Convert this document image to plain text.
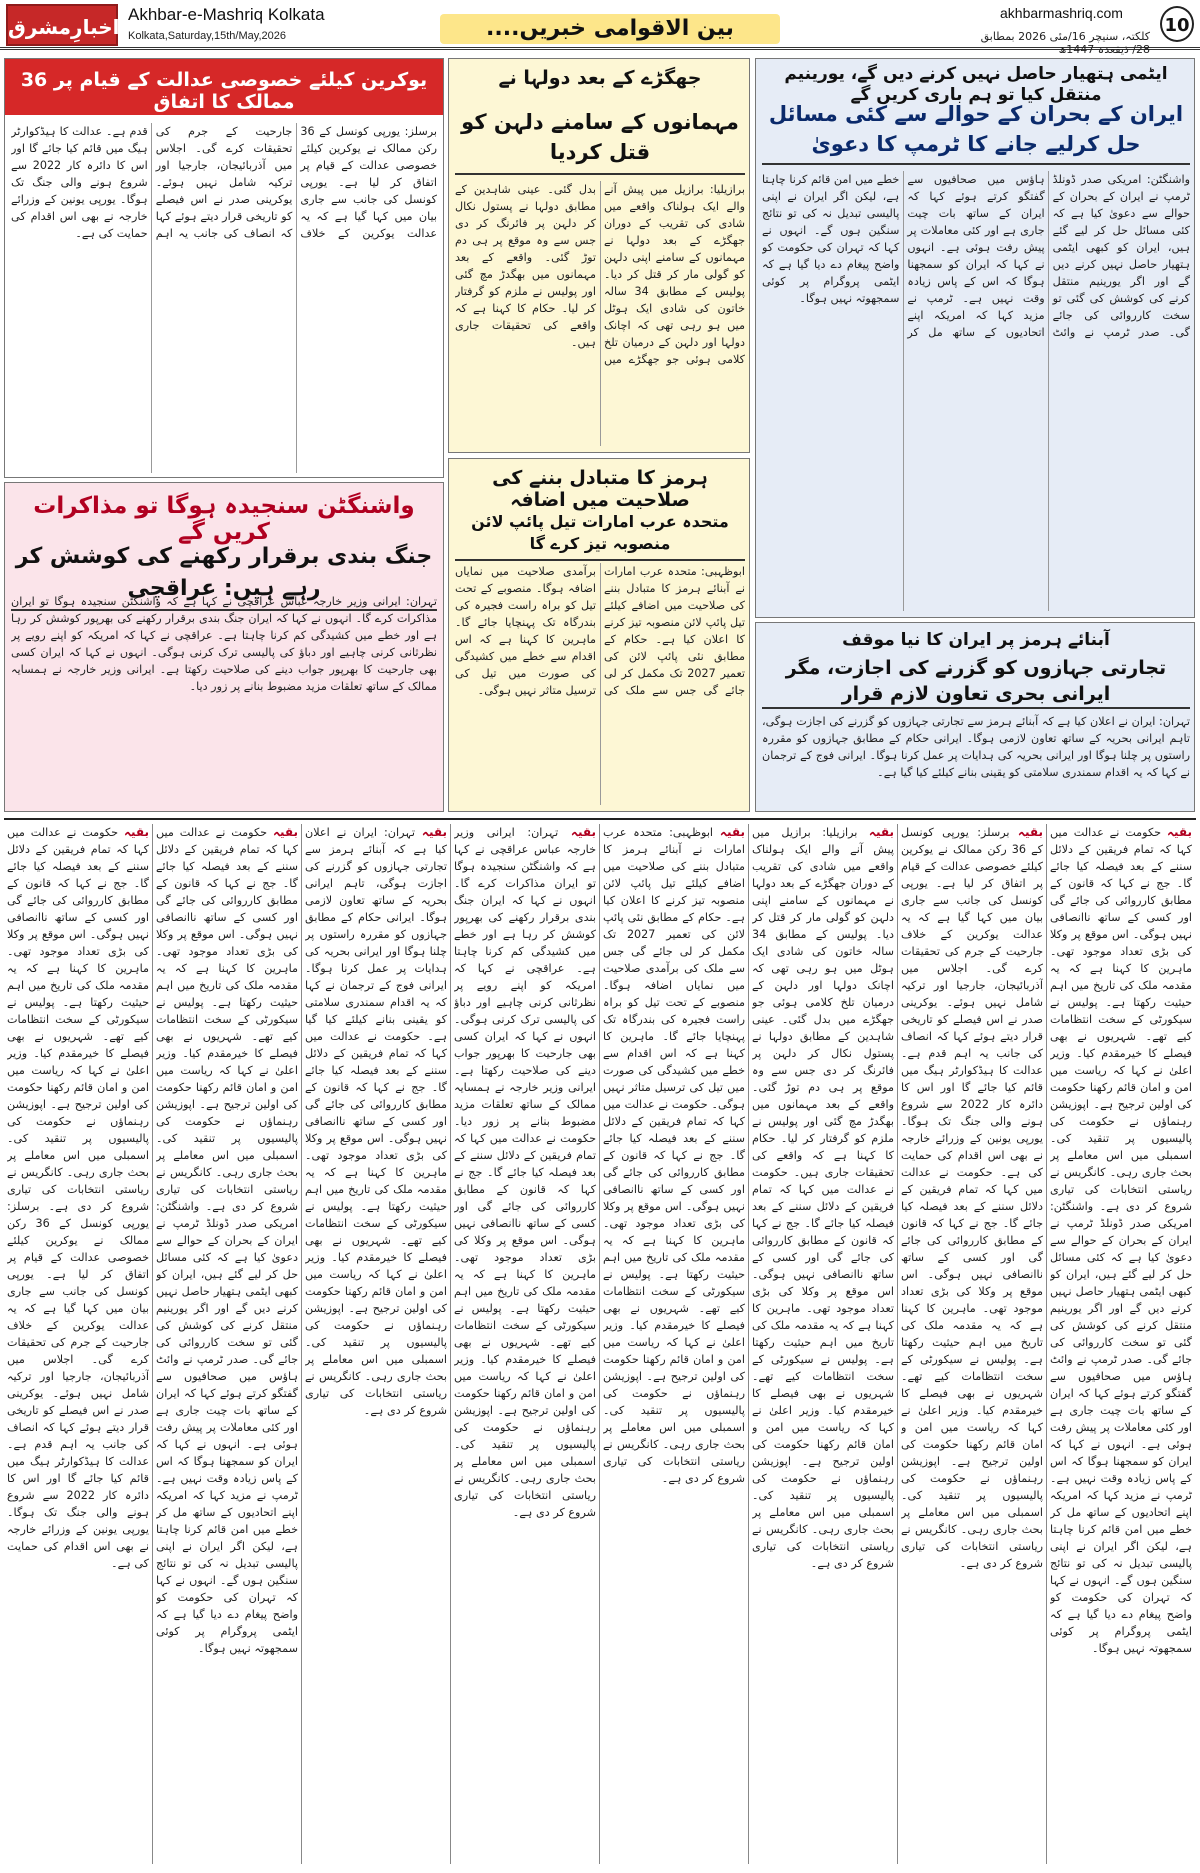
اخبارِمشرق
Akhbar-e-Mashriq Kolkata
Kolkata,Saturday,15th/May,2026	بین الاقوامی خبریں....
akhbarmashriq.com
کلکتہ، سنیچر 16/مئی 2026 بمطابق 28/ ذیقعدہ 1447ھ
10
ایٹمی ہتھیار حاصل نہیں کرنے دیں گے، یورینیم منتقل کیا تو ہم باری کریں گے
ایران کے بحران کے حوالے سے کئی مسائل حل کرلیے جانے کا ٹرمپ کا دعویٰ
واشنگٹن: امریکی صدر ڈونلڈ ٹرمپ نے ایران کے بحران کے حوالے سے دعویٰ کیا ہے کہ کئی مسائل حل کر لیے گئے ہیں، ایران کو کبھی ایٹمی ہتھیار حاصل نہیں کرنے دیں گے اور اگر یورینیم منتقل کرنے کی کوشش کی گئی تو سخت کارروائی کی جائے گی۔ صدر ٹرمپ نے وائٹ ہاؤس میں صحافیوں سے گفتگو کرتے ہوئے کہا کہ ایران کے ساتھ بات چیت جاری ہے اور کئی معاملات پر پیش رفت ہوئی ہے۔ انہوں نے کہا کہ ایران کو سمجھنا ہوگا کہ اس کے پاس زیادہ وقت نہیں ہے۔ ٹرمپ نے مزید کہا کہ امریکہ اپنے اتحادیوں کے ساتھ مل کر خطے میں امن قائم کرنا چاہتا ہے، لیکن اگر ایران نے اپنی پالیسی تبدیل نہ کی تو نتائج سنگین ہوں گے۔ انہوں نے کہا کہ تہران کی حکومت کو واضح پیغام دے دیا گیا ہے کہ ایٹمی پروگرام پر کوئی سمجھوتہ نہیں ہوگا۔
آبنائے ہرمز پر ایران کا نیا موقف
تجارتی جہازوں کو گزرنے کی اجازت، مگر ایرانی بحری تعاون لازم قرار
تہران: ایران نے اعلان کیا ہے کہ آبنائے ہرمز سے تجارتی جہازوں کو گزرنے کی اجازت ہوگی، تاہم ایرانی بحریہ کے ساتھ تعاون لازمی ہوگا۔ ایرانی حکام کے مطابق جہازوں کو مقررہ راستوں پر چلنا ہوگا اور ایرانی بحریہ کی ہدایات پر عمل کرنا ہوگا۔ ایرانی فوج کے ترجمان نے کہا کہ یہ اقدام سمندری سلامتی کو یقینی بنانے کیلئے کیا گیا ہے۔
جھگڑے کے بعد دولہا نے
مہمانوں کے سامنے دلہن کو قتل کردیا
برازیلیا: برازیل میں پیش آنے والے ایک ہولناک واقعے میں شادی کی تقریب کے دوران جھگڑے کے بعد دولہا نے مہمانوں کے سامنے اپنی دلہن کو گولی مار کر قتل کر دیا۔ پولیس کے مطابق 34 سالہ خاتون کی شادی ایک ہوٹل میں ہو رہی تھی کہ اچانک دولہا اور دلہن کے درمیان تلخ کلامی ہوئی جو جھگڑے میں بدل گئی۔ عینی شاہدین کے مطابق دولہا نے پستول نکال کر دلہن پر فائرنگ کر دی جس سے وہ موقع پر ہی دم توڑ گئی۔ واقعے کے بعد مہمانوں میں بھگدڑ مچ گئی اور پولیس نے ملزم کو گرفتار کر لیا۔ حکام کا کہنا ہے کہ واقعے کی تحقیقات جاری ہیں۔
ہرمز کا متبادل بننے کی صلاحیت میں اضافہ
متحدہ عرب امارات تیل پائپ لائن منصوبہ تیز کرے گا
ابوظہبی: متحدہ عرب امارات نے آبنائے ہرمز کا متبادل بننے کی صلاحیت میں اضافے کیلئے تیل پائپ لائن منصوبہ تیز کرنے کا اعلان کیا ہے۔ حکام کے مطابق نئی پائپ لائن کی تعمیر 2027 تک مکمل کر لی جائے گی جس سے ملک کی برآمدی صلاحیت میں نمایاں اضافہ ہوگا۔ منصوبے کے تحت تیل کو براہ راست فجیرہ کی بندرگاہ تک پہنچایا جائے گا۔ ماہرین کا کہنا ہے کہ اس اقدام سے خطے میں کشیدگی کی صورت میں تیل کی ترسیل متاثر نہیں ہوگی۔
یوکرین کیلئے خصوصی عدالت کے قیام پر 36 ممالک کا اتفاق
برسلز: یورپی کونسل کے 36 رکن ممالک نے یوکرین کیلئے خصوصی عدالت کے قیام پر اتفاق کر لیا ہے۔ یورپی کونسل کی جانب سے جاری بیان میں کہا گیا ہے کہ یہ عدالت یوکرین کے خلاف جارحیت کے جرم کی تحقیقات کرے گی۔ اجلاس میں آذربائیجان، جارجیا اور ترکیہ شامل نہیں ہوئے۔ یوکرینی صدر نے اس فیصلے کو تاریخی قرار دیتے ہوئے کہا کہ انصاف کی جانب یہ اہم قدم ہے۔ عدالت کا ہیڈکوارٹر ہیگ میں قائم کیا جائے گا اور اس کا دائرہ کار 2022 سے شروع ہونے والی جنگ تک ہوگا۔ یورپی یونین کے وزرائے خارجہ نے بھی اس اقدام کی حمایت کی ہے۔
واشنگٹن سنجیدہ ہوگا تو مذاکرات کریں گے
جنگ بندی برقرار رکھنے کی کوشش کر رہے ہیں: عراقچی
تہران: ایرانی وزیر خارجہ عباس عراقچی نے کہا ہے کہ واشنگٹن سنجیدہ ہوگا تو ایران مذاکرات کرے گا۔ انہوں نے کہا کہ ایران جنگ بندی برقرار رکھنے کی بھرپور کوشش کر رہا ہے اور خطے میں کشیدگی کم کرنا چاہتا ہے۔ عراقچی نے کہا کہ امریکہ کو اپنے رویے پر نظرثانی کرنی چاہیے اور دباؤ کی پالیسی ترک کرنی ہوگی۔ انہوں نے کہا کہ ایران کسی بھی جارحیت کا بھرپور جواب دینے کی صلاحیت رکھتا ہے۔ ایرانی وزیر خارجہ نے ہمسایہ ممالک کے ساتھ تعلقات مزید مضبوط بنانے پر زور دیا۔
بقیہ حکومت نے عدالت میں کہا کہ تمام فریقین کے دلائل سننے کے بعد فیصلہ کیا جائے گا۔ جج نے کہا کہ قانون کے مطابق کارروائی کی جائے گی اور کسی کے ساتھ ناانصافی نہیں ہوگی۔ اس موقع پر وکلا کی بڑی تعداد موجود تھی۔ ماہرین کا کہنا ہے کہ یہ مقدمہ ملک کی تاریخ میں اہم حیثیت رکھتا ہے۔ پولیس نے سیکورٹی کے سخت انتظامات کیے تھے۔ شہریوں نے بھی فیصلے کا خیرمقدم کیا۔ وزیر اعلیٰ نے کہا کہ ریاست میں امن و امان قائم رکھنا حکومت کی اولین ترجیح ہے۔ اپوزیشن رہنماؤں نے حکومت کی پالیسیوں پر تنقید کی۔ اسمبلی میں اس معاملے پر بحث جاری رہی۔ کانگریس نے ریاستی انتخابات کی تیاری شروع کر دی ہے۔ واشنگٹن: امریکی صدر ڈونلڈ ٹرمپ نے ایران کے بحران کے حوالے سے دعویٰ کیا ہے کہ کئی مسائل حل کر لیے گئے ہیں، ایران کو کبھی ایٹمی ہتھیار حاصل نہیں کرنے دیں گے اور اگر یورینیم منتقل کرنے کی کوشش کی گئی تو سخت کارروائی کی جائے گی۔ صدر ٹرمپ نے وائٹ ہاؤس میں صحافیوں سے گفتگو کرتے ہوئے کہا کہ ایران کے ساتھ بات چیت جاری ہے اور کئی معاملات پر پیش رفت ہوئی ہے۔ انہوں نے کہا کہ ایران کو سمجھنا ہوگا کہ اس کے پاس زیادہ وقت نہیں ہے۔ ٹرمپ نے مزید کہا کہ امریکہ اپنے اتحادیوں کے ساتھ مل کر خطے میں امن قائم کرنا چاہتا ہے، لیکن اگر ایران نے اپنی پالیسی تبدیل نہ کی تو نتائج سنگین ہوں گے۔ انہوں نے کہا کہ تہران کی حکومت کو واضح پیغام دے دیا گیا ہے کہ ایٹمی پروگرام پر کوئی سمجھوتہ نہیں ہوگا۔
بقیہ برسلز: یورپی کونسل کے 36 رکن ممالک نے یوکرین کیلئے خصوصی عدالت کے قیام پر اتفاق کر لیا ہے۔ یورپی کونسل کی جانب سے جاری بیان میں کہا گیا ہے کہ یہ عدالت یوکرین کے خلاف جارحیت کے جرم کی تحقیقات کرے گی۔ اجلاس میں آذربائیجان، جارجیا اور ترکیہ شامل نہیں ہوئے۔ یوکرینی صدر نے اس فیصلے کو تاریخی قرار دیتے ہوئے کہا کہ انصاف کی جانب یہ اہم قدم ہے۔ عدالت کا ہیڈکوارٹر ہیگ میں قائم کیا جائے گا اور اس کا دائرہ کار 2022 سے شروع ہونے والی جنگ تک ہوگا۔ یورپی یونین کے وزرائے خارجہ نے بھی اس اقدام کی حمایت کی ہے۔ حکومت نے عدالت میں کہا کہ تمام فریقین کے دلائل سننے کے بعد فیصلہ کیا جائے گا۔ جج نے کہا کہ قانون کے مطابق کارروائی کی جائے گی اور کسی کے ساتھ ناانصافی نہیں ہوگی۔ اس موقع پر وکلا کی بڑی تعداد موجود تھی۔ ماہرین کا کہنا ہے کہ یہ مقدمہ ملک کی تاریخ میں اہم حیثیت رکھتا ہے۔ پولیس نے سیکورٹی کے سخت انتظامات کیے تھے۔ شہریوں نے بھی فیصلے کا خیرمقدم کیا۔ وزیر اعلیٰ نے کہا کہ ریاست میں امن و امان قائم رکھنا حکومت کی اولین ترجیح ہے۔ اپوزیشن رہنماؤں نے حکومت کی پالیسیوں پر تنقید کی۔ اسمبلی میں اس معاملے پر بحث جاری رہی۔ کانگریس نے ریاستی انتخابات کی تیاری شروع کر دی ہے۔
بقیہ برازیلیا: برازیل میں پیش آنے والے ایک ہولناک واقعے میں شادی کی تقریب کے دوران جھگڑے کے بعد دولہا نے مہمانوں کے سامنے اپنی دلہن کو گولی مار کر قتل کر دیا۔ پولیس کے مطابق 34 سالہ خاتون کی شادی ایک ہوٹل میں ہو رہی تھی کہ اچانک دولہا اور دلہن کے درمیان تلخ کلامی ہوئی جو جھگڑے میں بدل گئی۔ عینی شاہدین کے مطابق دولہا نے پستول نکال کر دلہن پر فائرنگ کر دی جس سے وہ موقع پر ہی دم توڑ گئی۔ واقعے کے بعد مہمانوں میں بھگدڑ مچ گئی اور پولیس نے ملزم کو گرفتار کر لیا۔ حکام کا کہنا ہے کہ واقعے کی تحقیقات جاری ہیں۔ حکومت نے عدالت میں کہا کہ تمام فریقین کے دلائل سننے کے بعد فیصلہ کیا جائے گا۔ جج نے کہا کہ قانون کے مطابق کارروائی کی جائے گی اور کسی کے ساتھ ناانصافی نہیں ہوگی۔ اس موقع پر وکلا کی بڑی تعداد موجود تھی۔ ماہرین کا کہنا ہے کہ یہ مقدمہ ملک کی تاریخ میں اہم حیثیت رکھتا ہے۔ پولیس نے سیکورٹی کے سخت انتظامات کیے تھے۔ شہریوں نے بھی فیصلے کا خیرمقدم کیا۔ وزیر اعلیٰ نے کہا کہ ریاست میں امن و امان قائم رکھنا حکومت کی اولین ترجیح ہے۔ اپوزیشن رہنماؤں نے حکومت کی پالیسیوں پر تنقید کی۔ اسمبلی میں اس معاملے پر بحث جاری رہی۔ کانگریس نے ریاستی انتخابات کی تیاری شروع کر دی ہے۔
بقیہ ابوظہبی: متحدہ عرب امارات نے آبنائے ہرمز کا متبادل بننے کی صلاحیت میں اضافے کیلئے تیل پائپ لائن منصوبہ تیز کرنے کا اعلان کیا ہے۔ حکام کے مطابق نئی پائپ لائن کی تعمیر 2027 تک مکمل کر لی جائے گی جس سے ملک کی برآمدی صلاحیت میں نمایاں اضافہ ہوگا۔ منصوبے کے تحت تیل کو براہ راست فجیرہ کی بندرگاہ تک پہنچایا جائے گا۔ ماہرین کا کہنا ہے کہ اس اقدام سے خطے میں کشیدگی کی صورت میں تیل کی ترسیل متاثر نہیں ہوگی۔ حکومت نے عدالت میں کہا کہ تمام فریقین کے دلائل سننے کے بعد فیصلہ کیا جائے گا۔ جج نے کہا کہ قانون کے مطابق کارروائی کی جائے گی اور کسی کے ساتھ ناانصافی نہیں ہوگی۔ اس موقع پر وکلا کی بڑی تعداد موجود تھی۔ ماہرین کا کہنا ہے کہ یہ مقدمہ ملک کی تاریخ میں اہم حیثیت رکھتا ہے۔ پولیس نے سیکورٹی کے سخت انتظامات کیے تھے۔ شہریوں نے بھی فیصلے کا خیرمقدم کیا۔ وزیر اعلیٰ نے کہا کہ ریاست میں امن و امان قائم رکھنا حکومت کی اولین ترجیح ہے۔ اپوزیشن رہنماؤں نے حکومت کی پالیسیوں پر تنقید کی۔ اسمبلی میں اس معاملے پر بحث جاری رہی۔ کانگریس نے ریاستی انتخابات کی تیاری شروع کر دی ہے۔
بقیہ تہران: ایرانی وزیر خارجہ عباس عراقچی نے کہا ہے کہ واشنگٹن سنجیدہ ہوگا تو ایران مذاکرات کرے گا۔ انہوں نے کہا کہ ایران جنگ بندی برقرار رکھنے کی بھرپور کوشش کر رہا ہے اور خطے میں کشیدگی کم کرنا چاہتا ہے۔ عراقچی نے کہا کہ امریکہ کو اپنے رویے پر نظرثانی کرنی چاہیے اور دباؤ کی پالیسی ترک کرنی ہوگی۔ انہوں نے کہا کہ ایران کسی بھی جارحیت کا بھرپور جواب دینے کی صلاحیت رکھتا ہے۔ ایرانی وزیر خارجہ نے ہمسایہ ممالک کے ساتھ تعلقات مزید مضبوط بنانے پر زور دیا۔ حکومت نے عدالت میں کہا کہ تمام فریقین کے دلائل سننے کے بعد فیصلہ کیا جائے گا۔ جج نے کہا کہ قانون کے مطابق کارروائی کی جائے گی اور کسی کے ساتھ ناانصافی نہیں ہوگی۔ اس موقع پر وکلا کی بڑی تعداد موجود تھی۔ ماہرین کا کہنا ہے کہ یہ مقدمہ ملک کی تاریخ میں اہم حیثیت رکھتا ہے۔ پولیس نے سیکورٹی کے سخت انتظامات کیے تھے۔ شہریوں نے بھی فیصلے کا خیرمقدم کیا۔ وزیر اعلیٰ نے کہا کہ ریاست میں امن و امان قائم رکھنا حکومت کی اولین ترجیح ہے۔ اپوزیشن رہنماؤں نے حکومت کی پالیسیوں پر تنقید کی۔ اسمبلی میں اس معاملے پر بحث جاری رہی۔ کانگریس نے ریاستی انتخابات کی تیاری شروع کر دی ہے۔
بقیہ تہران: ایران نے اعلان کیا ہے کہ آبنائے ہرمز سے تجارتی جہازوں کو گزرنے کی اجازت ہوگی، تاہم ایرانی بحریہ کے ساتھ تعاون لازمی ہوگا۔ ایرانی حکام کے مطابق جہازوں کو مقررہ راستوں پر چلنا ہوگا اور ایرانی بحریہ کی ہدایات پر عمل کرنا ہوگا۔ ایرانی فوج کے ترجمان نے کہا کہ یہ اقدام سمندری سلامتی کو یقینی بنانے کیلئے کیا گیا ہے۔ حکومت نے عدالت میں کہا کہ تمام فریقین کے دلائل سننے کے بعد فیصلہ کیا جائے گا۔ جج نے کہا کہ قانون کے مطابق کارروائی کی جائے گی اور کسی کے ساتھ ناانصافی نہیں ہوگی۔ اس موقع پر وکلا کی بڑی تعداد موجود تھی۔ ماہرین کا کہنا ہے کہ یہ مقدمہ ملک کی تاریخ میں اہم حیثیت رکھتا ہے۔ پولیس نے سیکورٹی کے سخت انتظامات کیے تھے۔ شہریوں نے بھی فیصلے کا خیرمقدم کیا۔ وزیر اعلیٰ نے کہا کہ ریاست میں امن و امان قائم رکھنا حکومت کی اولین ترجیح ہے۔ اپوزیشن رہنماؤں نے حکومت کی پالیسیوں پر تنقید کی۔ اسمبلی میں اس معاملے پر بحث جاری رہی۔ کانگریس نے ریاستی انتخابات کی تیاری شروع کر دی ہے۔
بقیہ حکومت نے عدالت میں کہا کہ تمام فریقین کے دلائل سننے کے بعد فیصلہ کیا جائے گا۔ جج نے کہا کہ قانون کے مطابق کارروائی کی جائے گی اور کسی کے ساتھ ناانصافی نہیں ہوگی۔ اس موقع پر وکلا کی بڑی تعداد موجود تھی۔ ماہرین کا کہنا ہے کہ یہ مقدمہ ملک کی تاریخ میں اہم حیثیت رکھتا ہے۔ پولیس نے سیکورٹی کے سخت انتظامات کیے تھے۔ شہریوں نے بھی فیصلے کا خیرمقدم کیا۔ وزیر اعلیٰ نے کہا کہ ریاست میں امن و امان قائم رکھنا حکومت کی اولین ترجیح ہے۔ اپوزیشن رہنماؤں نے حکومت کی پالیسیوں پر تنقید کی۔ اسمبلی میں اس معاملے پر بحث جاری رہی۔ کانگریس نے ریاستی انتخابات کی تیاری شروع کر دی ہے۔ واشنگٹن: امریکی صدر ڈونلڈ ٹرمپ نے ایران کے بحران کے حوالے سے دعویٰ کیا ہے کہ کئی مسائل حل کر لیے گئے ہیں، ایران کو کبھی ایٹمی ہتھیار حاصل نہیں کرنے دیں گے اور اگر یورینیم منتقل کرنے کی کوشش کی گئی تو سخت کارروائی کی جائے گی۔ صدر ٹرمپ نے وائٹ ہاؤس میں صحافیوں سے گفتگو کرتے ہوئے کہا کہ ایران کے ساتھ بات چیت جاری ہے اور کئی معاملات پر پیش رفت ہوئی ہے۔ انہوں نے کہا کہ ایران کو سمجھنا ہوگا کہ اس کے پاس زیادہ وقت نہیں ہے۔ ٹرمپ نے مزید کہا کہ امریکہ اپنے اتحادیوں کے ساتھ مل کر خطے میں امن قائم کرنا چاہتا ہے، لیکن اگر ایران نے اپنی پالیسی تبدیل نہ کی تو نتائج سنگین ہوں گے۔ انہوں نے کہا کہ تہران کی حکومت کو واضح پیغام دے دیا گیا ہے کہ ایٹمی پروگرام پر کوئی سمجھوتہ نہیں ہوگا۔
بقیہ حکومت نے عدالت میں کہا کہ تمام فریقین کے دلائل سننے کے بعد فیصلہ کیا جائے گا۔ جج نے کہا کہ قانون کے مطابق کارروائی کی جائے گی اور کسی کے ساتھ ناانصافی نہیں ہوگی۔ اس موقع پر وکلا کی بڑی تعداد موجود تھی۔ ماہرین کا کہنا ہے کہ یہ مقدمہ ملک کی تاریخ میں اہم حیثیت رکھتا ہے۔ پولیس نے سیکورٹی کے سخت انتظامات کیے تھے۔ شہریوں نے بھی فیصلے کا خیرمقدم کیا۔ وزیر اعلیٰ نے کہا کہ ریاست میں امن و امان قائم رکھنا حکومت کی اولین ترجیح ہے۔ اپوزیشن رہنماؤں نے حکومت کی پالیسیوں پر تنقید کی۔ اسمبلی میں اس معاملے پر بحث جاری رہی۔ کانگریس نے ریاستی انتخابات کی تیاری شروع کر دی ہے۔ برسلز: یورپی کونسل کے 36 رکن ممالک نے یوکرین کیلئے خصوصی عدالت کے قیام پر اتفاق کر لیا ہے۔ یورپی کونسل کی جانب سے جاری بیان میں کہا گیا ہے کہ یہ عدالت یوکرین کے خلاف جارحیت کے جرم کی تحقیقات کرے گی۔ اجلاس میں آذربائیجان، جارجیا اور ترکیہ شامل نہیں ہوئے۔ یوکرینی صدر نے اس فیصلے کو تاریخی قرار دیتے ہوئے کہا کہ انصاف کی جانب یہ اہم قدم ہے۔ عدالت کا ہیڈکوارٹر ہیگ میں قائم کیا جائے گا اور اس کا دائرہ کار 2022 سے شروع ہونے والی جنگ تک ہوگا۔ یورپی یونین کے وزرائے خارجہ نے بھی اس اقدام کی حمایت کی ہے۔
